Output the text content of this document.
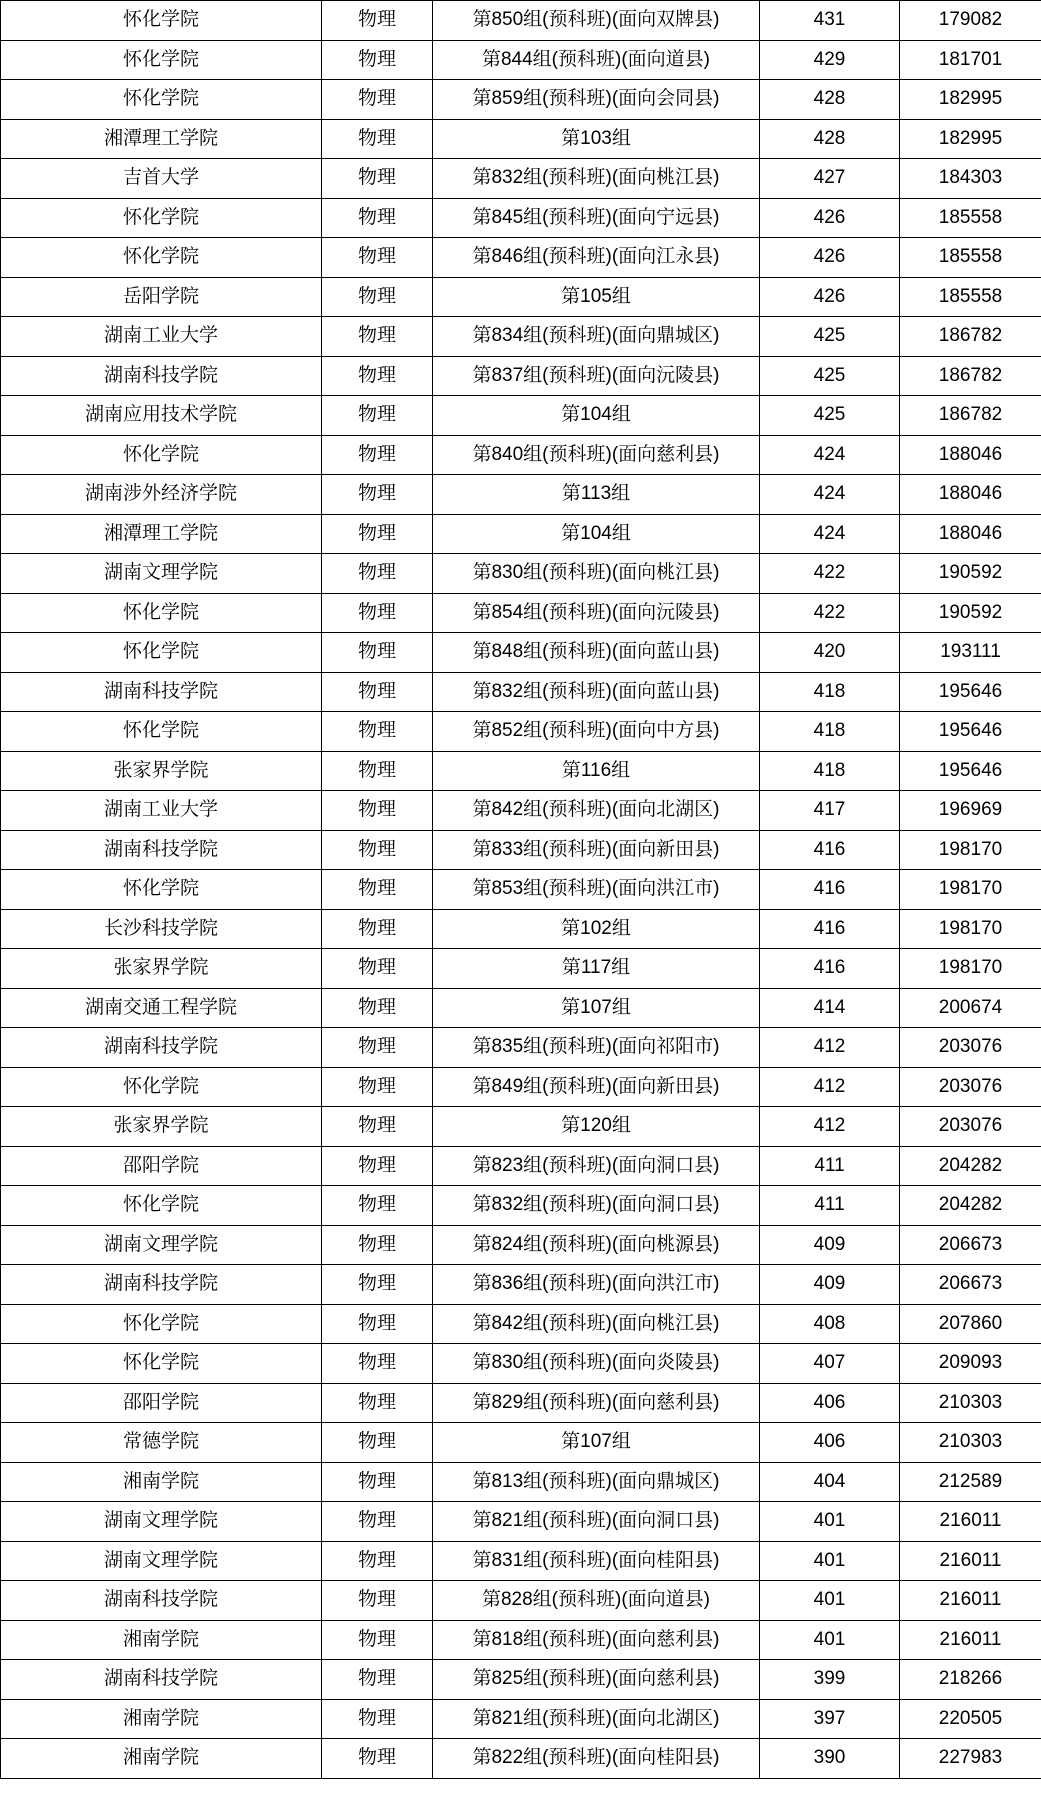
怀化学院	物理	第850组(预科班)(面向双牌县)	431	179082
怀化学院	物理	第844组(预科班)(面向道县)	429	181701
怀化学院	物理	第859组(预科班)(面向会同县)	428	182995
湘潭理工学院	物理	第103组	428	182995
吉首大学	物理	第832组(预科班)(面向桃江县)	427	184303
怀化学院	物理	第845组(预科班)(面向宁远县)	426	185558
怀化学院	物理	第846组(预科班)(面向江永县)	426	185558
岳阳学院	物理	第105组	426	185558
湖南工业大学	物理	第834组(预科班)(面向鼎城区)	425	186782
湖南科技学院	物理	第837组(预科班)(面向沅陵县)	425	186782
湖南应用技术学院	物理	第104组	425	186782
怀化学院	物理	第840组(预科班)(面向慈利县)	424	188046
湖南涉外经济学院	物理	第113组	424	188046
湘潭理工学院	物理	第104组	424	188046
湖南文理学院	物理	第830组(预科班)(面向桃江县)	422	190592
怀化学院	物理	第854组(预科班)(面向沅陵县)	422	190592
怀化学院	物理	第848组(预科班)(面向蓝山县)	420	193111
湖南科技学院	物理	第832组(预科班)(面向蓝山县)	418	195646
怀化学院	物理	第852组(预科班)(面向中方县)	418	195646
张家界学院	物理	第116组	418	195646
湖南工业大学	物理	第842组(预科班)(面向北湖区)	417	196969
湖南科技学院	物理	第833组(预科班)(面向新田县)	416	198170
怀化学院	物理	第853组(预科班)(面向洪江市)	416	198170
长沙科技学院	物理	第102组	416	198170
张家界学院	物理	第117组	416	198170
湖南交通工程学院	物理	第107组	414	200674
湖南科技学院	物理	第835组(预科班)(面向祁阳市)	412	203076
怀化学院	物理	第849组(预科班)(面向新田县)	412	203076
张家界学院	物理	第120组	412	203076
邵阳学院	物理	第823组(预科班)(面向洞口县)	411	204282
怀化学院	物理	第832组(预科班)(面向洞口县)	411	204282
湖南文理学院	物理	第824组(预科班)(面向桃源县)	409	206673
湖南科技学院	物理	第836组(预科班)(面向洪江市)	409	206673
怀化学院	物理	第842组(预科班)(面向桃江县)	408	207860
怀化学院	物理	第830组(预科班)(面向炎陵县)	407	209093
邵阳学院	物理	第829组(预科班)(面向慈利县)	406	210303
常德学院	物理	第107组	406	210303
湘南学院	物理	第813组(预科班)(面向鼎城区)	404	212589
湖南文理学院	物理	第821组(预科班)(面向洞口县)	401	216011
湖南文理学院	物理	第831组(预科班)(面向桂阳县)	401	216011
湖南科技学院	物理	第828组(预科班)(面向道县)	401	216011
湘南学院	物理	第818组(预科班)(面向慈利县)	401	216011
湖南科技学院	物理	第825组(预科班)(面向慈利县)	399	218266
湘南学院	物理	第821组(预科班)(面向北湖区)	397	220505
湘南学院	物理	第822组(预科班)(面向桂阳县)	390	227983
